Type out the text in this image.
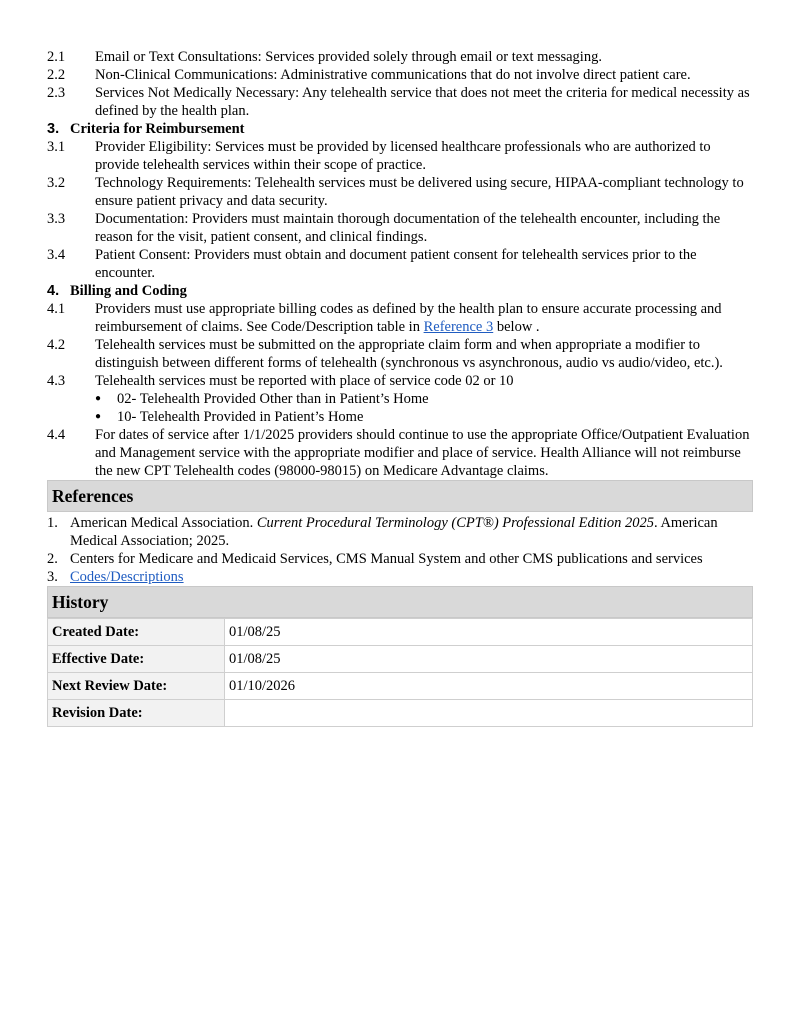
2.1	Email or Text Consultations: Services provided solely through email or text messaging.
2.2	Non-Clinical Communications: Administrative communications that do not involve direct patient care.
2.3	Services Not Medically Necessary: Any telehealth service that does not meet the criteria for medical necessity as defined by the health plan.
3. Criteria for Reimbursement
3.1	Provider Eligibility: Services must be provided by licensed healthcare professionals who are authorized to provide telehealth services within their scope of practice.
3.2	Technology Requirements: Telehealth services must be delivered using secure, HIPAA-compliant technology to ensure patient privacy and data security.
3.3	Documentation: Providers must maintain thorough documentation of the telehealth encounter, including the reason for the visit, patient consent, and clinical findings.
3.4	Patient Consent: Providers must obtain and document patient consent for telehealth services prior to the encounter.
4. Billing and Coding
4.1	Providers must use appropriate billing codes as defined by the health plan to ensure accurate processing and reimbursement of claims. See Code/Description table in Reference 3 below .
4.2	Telehealth services must be submitted on the appropriate claim form and when appropriate a modifier to distinguish between different forms of telehealth (synchronous vs asynchronous, audio vs audio/video, etc.).
4.3	Telehealth services must be reported with place of service code 02 or 10
●	02- Telehealth Provided Other than in Patient’s Home
●	10- Telehealth Provided in Patient’s Home
4.4	For dates of service after 1/1/2025 providers should continue to use the appropriate Office/Outpatient Evaluation and Management service with the appropriate modifier and place of service. Health Alliance will not reimburse the new CPT Telehealth codes (98000-98015) on Medicare Advantage claims.
References
1. American Medical Association. Current Procedural Terminology (CPT®) Professional Edition 2025. American Medical Association; 2025.
2. Centers for Medicare and Medicaid Services, CMS Manual System and other CMS publications and services
3. Codes/Descriptions
History
Created Date:	01/08/25
Effective Date:	01/08/25
Next Review Date:	01/10/2026
Revision Date:	
